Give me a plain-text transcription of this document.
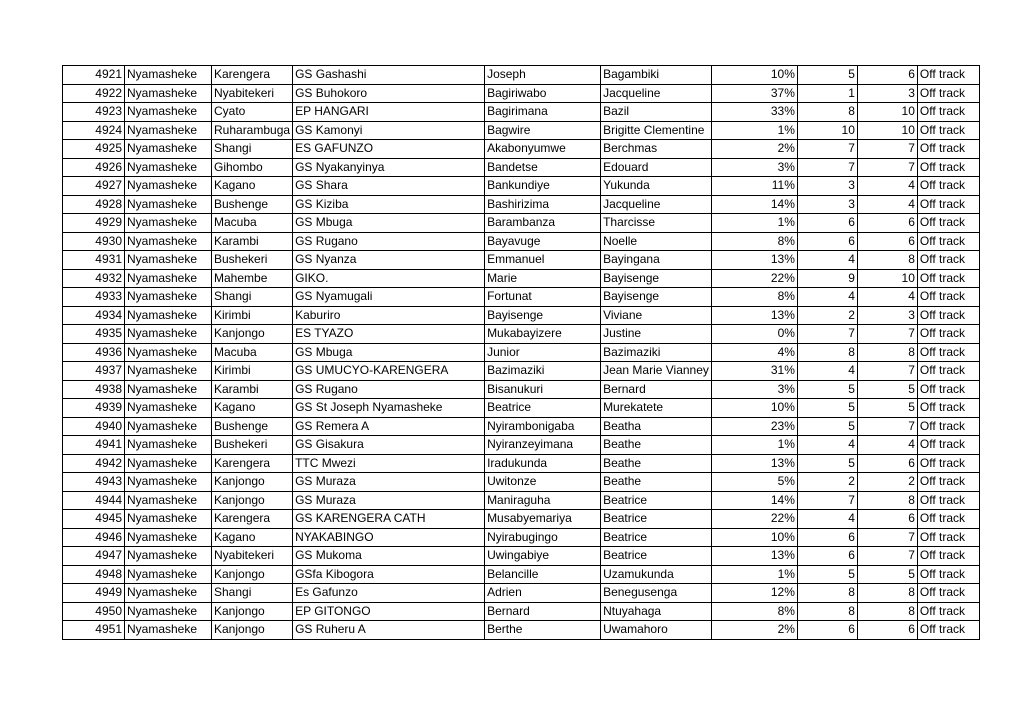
4921	Nyamasheke	Karengera	GS Gashashi	Joseph	Bagambiki	10%	5	6	Off track
4922	Nyamasheke	Nyabitekeri	GS Buhokoro	Bagiriwabo	Jacqueline	37%	1	3	Off track
4923	Nyamasheke	Cyato	EP HANGARI	Bagirimana	Bazil	33%	8	10	Off track
4924	Nyamasheke	Ruharambuga	GS Kamonyi	Bagwire	Brigitte Clementine	1%	10	10	Off track
4925	Nyamasheke	Shangi	ES GAFUNZO	Akabonyumwe	Berchmas	2%	7	7	Off track
4926	Nyamasheke	Gihombo	GS Nyakanyinya	Bandetse	Edouard	3%	7	7	Off track
4927	Nyamasheke	Kagano	GS Shara	Bankundiye	Yukunda	11%	3	4	Off track
4928	Nyamasheke	Bushenge	GS Kiziba	Bashirizima	Jacqueline	14%	3	4	Off track
4929	Nyamasheke	Macuba	GS Mbuga	Barambanza	Tharcisse	1%	6	6	Off track
4930	Nyamasheke	Karambi	GS Rugano	Bayavuge	Noelle	8%	6	6	Off track
4931	Nyamasheke	Bushekeri	GS Nyanza	Emmanuel	Bayingana	13%	4	8	Off track
4932	Nyamasheke	Mahembe	GIKO.	Marie	Bayisenge	22%	9	10	Off track
4933	Nyamasheke	Shangi	GS Nyamugali	Fortunat	Bayisenge	8%	4	4	Off track
4934	Nyamasheke	Kirimbi	Kaburiro	Bayisenge	Viviane	13%	2	3	Off track
4935	Nyamasheke	Kanjongo	ES TYAZO	Mukabayizere	Justine	0%	7	7	Off track
4936	Nyamasheke	Macuba	GS Mbuga	Junior	Bazimaziki	4%	8	8	Off track
4937	Nyamasheke	Kirimbi	GS UMUCYO-KARENGERA	Bazimaziki	Jean Marie Vianney	31%	4	7	Off track
4938	Nyamasheke	Karambi	GS Rugano	Bisanukuri	Bernard	3%	5	5	Off track
4939	Nyamasheke	Kagano	GS St Joseph Nyamasheke	Beatrice	Murekatete	10%	5	5	Off track
4940	Nyamasheke	Bushenge	GS Remera A	Nyirambonigaba	Beatha	23%	5	7	Off track
4941	Nyamasheke	Bushekeri	GS Gisakura	Nyiranzeyimana	Beathe	1%	4	4	Off track
4942	Nyamasheke	Karengera	TTC Mwezi	Iradukunda	Beathe	13%	5	6	Off track
4943	Nyamasheke	Kanjongo	GS Muraza	Uwitonze	Beathe	5%	2	2	Off track
4944	Nyamasheke	Kanjongo	GS Muraza	Maniraguha	Beatrice	14%	7	8	Off track
4945	Nyamasheke	Karengera	GS KARENGERA CATH	Musabyemariya	Beatrice	22%	4	6	Off track
4946	Nyamasheke	Kagano	NYAKABINGO	Nyirabugingo	Beatrice	10%	6	7	Off track
4947	Nyamasheke	Nyabitekeri	GS Mukoma	Uwingabiye	Beatrice	13%	6	7	Off track
4948	Nyamasheke	Kanjongo	GSfa Kibogora	Belancille	Uzamukunda	1%	5	5	Off track
4949	Nyamasheke	Shangi	Es Gafunzo	Adrien	Benegusenga	12%	8	8	Off track
4950	Nyamasheke	Kanjongo	EP GITONGO	Bernard	Ntuyahaga	8%	8	8	Off track
4951	Nyamasheke	Kanjongo	GS Ruheru A	Berthe	Uwamahoro	2%	6	6	Off track
